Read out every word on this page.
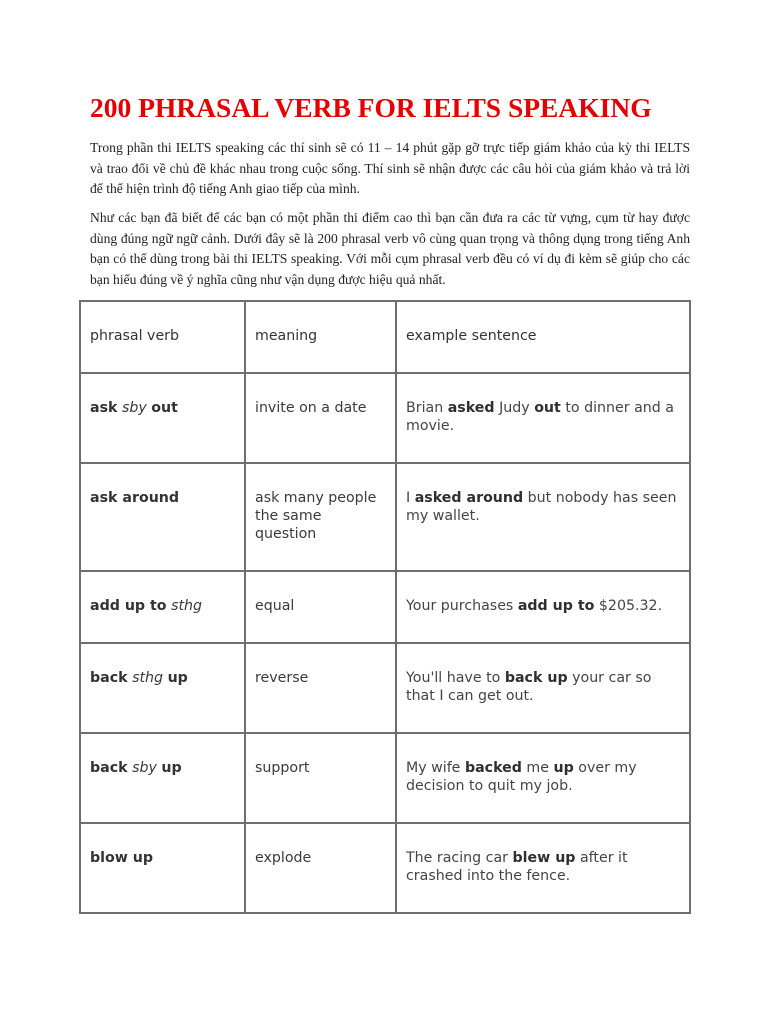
200 PHRASAL VERB FOR IELTS SPEAKING

Trong phần thi IELTS speaking các thí sinh sẽ có 11 – 14 phút gặp gỡ trực tiếp giám khảo của kỳ thi IELTS và trao đổi về chủ đề khác nhau trong cuộc sống. Thí sinh sẽ nhận được các câu hỏi của giám khảo và trả lời để thể hiện trình độ tiếng Anh giao tiếp của mình.

Như các bạn đã biết để các bạn có một phần thi điểm cao thì bạn cần đưa ra các từ vựng, cụm từ hay được dùng đúng ngữ ngữ cảnh. Dưới đây sẽ là 200 phrasal verb vô cùng quan trọng và thông dụng trong tiếng Anh bạn có thể dùng trong bài thi IELTS speaking. Với mỗi cụm phrasal verb đều có ví dụ đi kèm sẽ giúp cho các bạn hiểu đúng về ý nghĩa cũng như vận dụng được hiệu quả nhất.

phrasal verb	meaning	example sentence
ask sby out	invite on a date	Brian asked Judy out to dinner and a movie.
ask around	ask many people the same question	I asked around but nobody has seen my wallet.
add up to sthg	equal	Your purchases add up to $205.32.
back sthg up	reverse	You'll have to back up your car so that I can get out.
back sby up	support	My wife backed me up over my decision to quit my job.
blow up	explode	The racing car blew up after it crashed into the fence.
